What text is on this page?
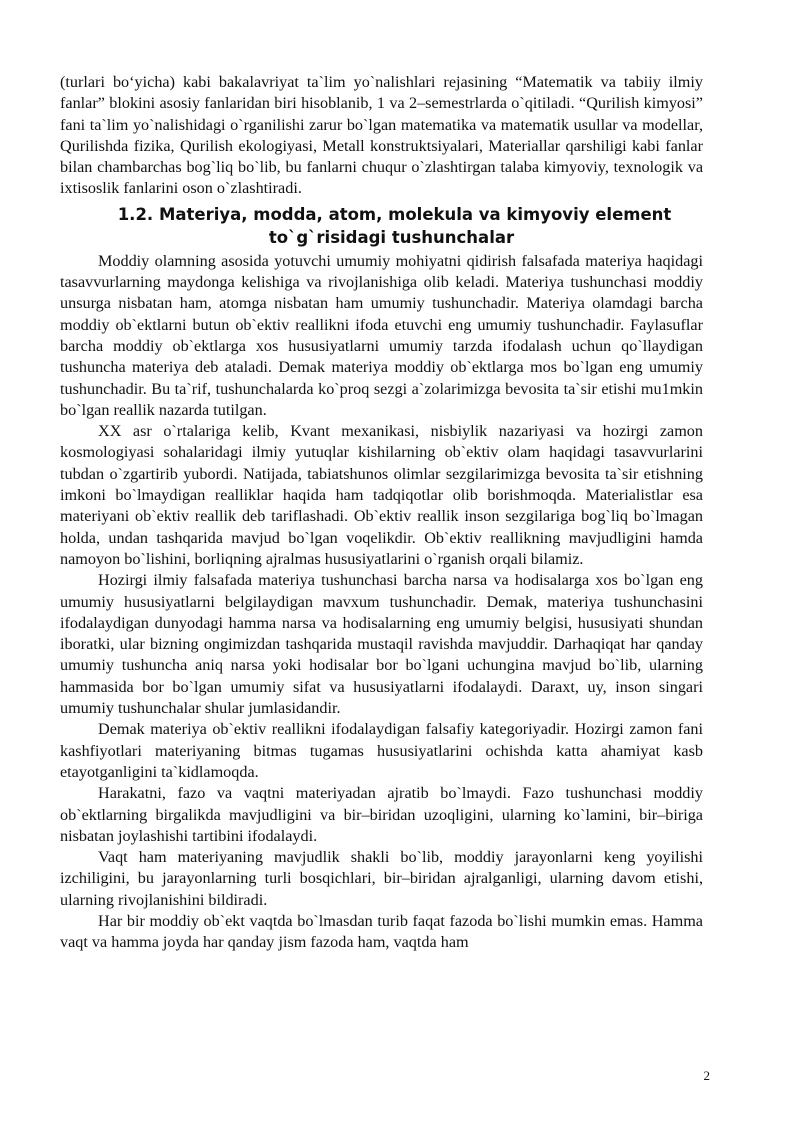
(turlari bo‘yicha) kabi bakalavriyat ta`lim yo`nalishlari rejasining “Matematik va tabiiy ilmiy fanlar” blokini asosiy fanlaridan biri hisoblanib, 1 va 2–semestrlarda o`qitiladi. “Qurilish kimyosi” fani ta`lim yo`nalishidagi o`rganilishi zarur bo`lgan matematika va matematik usullar va modellar, Qurilishda fizika, Qurilish ekologiyasi, Metall konstruktsiyalari, Materiallar qarshiligi kabi fanlar bilan chambarchas bog`liq bo`lib, bu fanlarni chuqur o`zlashtirgan talaba kimyoviy, texnologik va ixtisoslik fanlarini oson o`zlashtiradi.

1.2. Materiya, modda, atom, molekula va kimyoviy element
to`g`risidagi tushunchalar

Moddiy olamning asosida yotuvchi umumiy mohiyatni qidirish falsafada materiya haqidagi tasavvurlarning maydonga kelishiga va rivojlanishiga olib keladi. Materiya tushunchasi moddiy unsurga nisbatan ham, atomga nisbatan ham umumiy tushunchadir. Materiya olamdagi barcha moddiy ob`ektlarni butun ob`ektiv reallikni ifoda etuvchi eng umumiy tushunchadir. Faylasuflar barcha moddiy ob`ektlarga xos hususiyatlarni umumiy tarzda ifodalash uchun qo`llaydigan tushuncha materiya deb ataladi. Demak materiya moddiy ob`ektlarga mos bo`lgan eng umumiy tushunchadir. Bu ta`rif, tushunchalarda ko`proq sezgi a`zolarimizga bevosita ta`sir etishi mu1mkin bo`lgan reallik nazarda tutilgan.

XX asr o`rtalariga kelib, Kvant mexanikasi, nisbiylik nazariyasi va hozirgi zamon kosmologiyasi sohalaridagi ilmiy yutuqlar kishilarning ob`ektiv olam haqidagi tasavvurlarini tubdan o`zgartirib yubordi. Natijada, tabiatshunos olimlar sezgilarimizga bevosita ta`sir etishning imkoni bo`lmaydigan realliklar haqida ham tadqiqotlar olib borishmoqda. Materialistlar esa materiyani ob`ektiv reallik deb tariflashadi. Ob`ektiv reallik inson sezgilariga bog`liq bo`lmagan holda, undan tashqarida mavjud bo`lgan voqelikdir. Ob`ektiv reallikning mavjudligini hamda namoyon bo`lishini, borliqning ajralmas hususiyatlarini o`rganish orqali bilamiz.

Hozirgi ilmiy falsafada materiya tushunchasi barcha narsa va hodisalarga xos bo`lgan eng umumiy hususiyatlarni belgilaydigan mavxum tushunchadir. Demak, materiya tushunchasini ifodalaydigan dunyodagi hamma narsa va hodisalarning eng umumiy belgisi, hususiyati shundan iboratki, ular bizning ongimizdan tashqarida mustaqil ravishda mavjuddir. Darhaqiqat har qanday umumiy tushuncha aniq narsa yoki hodisalar bor bo`lgani uchungina mavjud bo`lib, ularning hammasida bor bo`lgan umumiy sifat va hususiyatlarni ifodalaydi. Daraxt, uy, inson singari umumiy tushunchalar shular jumlasidandir.

Demak materiya ob`ektiv reallikni ifodalaydigan falsafiy kategoriyadir. Hozirgi zamon fani kashfiyotlari materiyaning bitmas tugamas hususiyatlarini ochishda katta ahamiyat kasb etayotganligini ta`kidlamoqda.

Harakatni, fazo va vaqtni materiyadan ajratib bo`lmaydi. Fazo tushunchasi moddiy ob`ektlarning birgalikda mavjudligini va bir–biridan uzoqligini, ularning ko`lamini, bir–biriga nisbatan joylashishi tartibini ifodalaydi.

Vaqt ham materiyaning mavjudlik shakli bo`lib, moddiy jarayonlarni keng yoyilishi izchiligini, bu jarayonlarning turli bosqichlari, bir–biridan ajralganligi, ularning davom etishi, ularning rivojlanishini bildiradi.

Har bir moddiy ob`ekt vaqtda bo`lmasdan turib faqat fazoda bo`lishi mumkin emas. Hamma vaqt va hamma joyda har qanday jism fazoda ham, vaqtda ham

2
